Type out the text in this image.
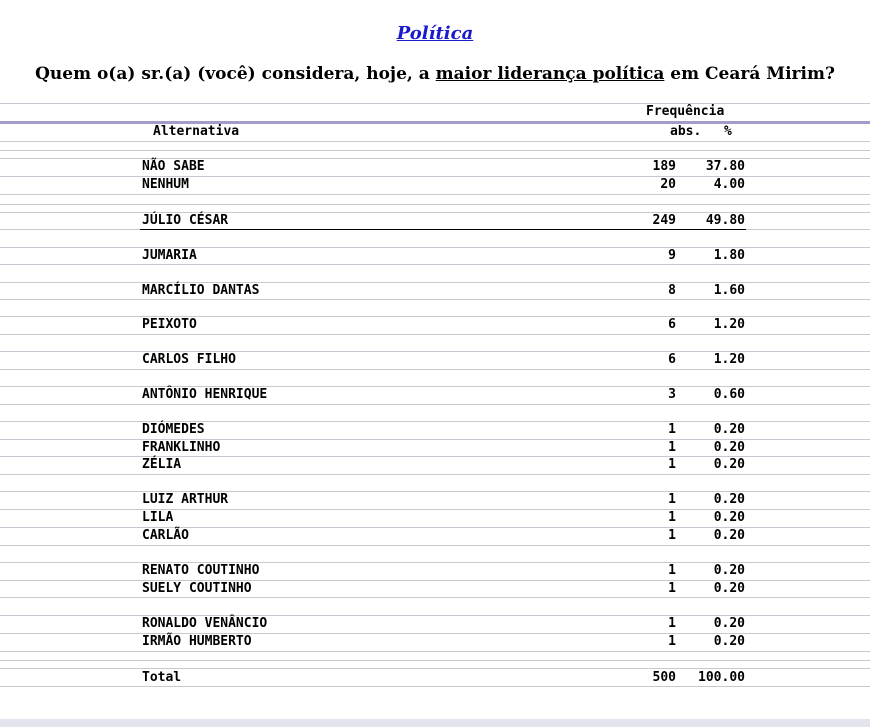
Política
Quem o(a) sr.(a) (você) considera, hoje, a maior liderança política em Ceará Mirim?
Frequência
Alternativa	abs. %
NÃO SABE	189	37.80
NENHUM	20	4.00
JÚLIO CÉSAR	249	49.80
JUMARIA	9	1.80
MARCÍLIO DANTAS	8	1.60
PEIXOTO	6	1.20
CARLOS FILHO	6	1.20
ANTÔNIO HENRIQUE	3	0.60
DIÓMEDES	1	0.20
FRANKLINHO	1	0.20
ZÉLIA	1	0.20
LUIZ ARTHUR	1	0.20
LILA	1	0.20
CARLÃO	1	0.20
RENATO COUTINHO	1	0.20
SUELY COUTINHO	1	0.20
RONALDO VENÂNCIO	1	0.20
IRMÃO HUMBERTO	1	0.20
Total	500	100.00
